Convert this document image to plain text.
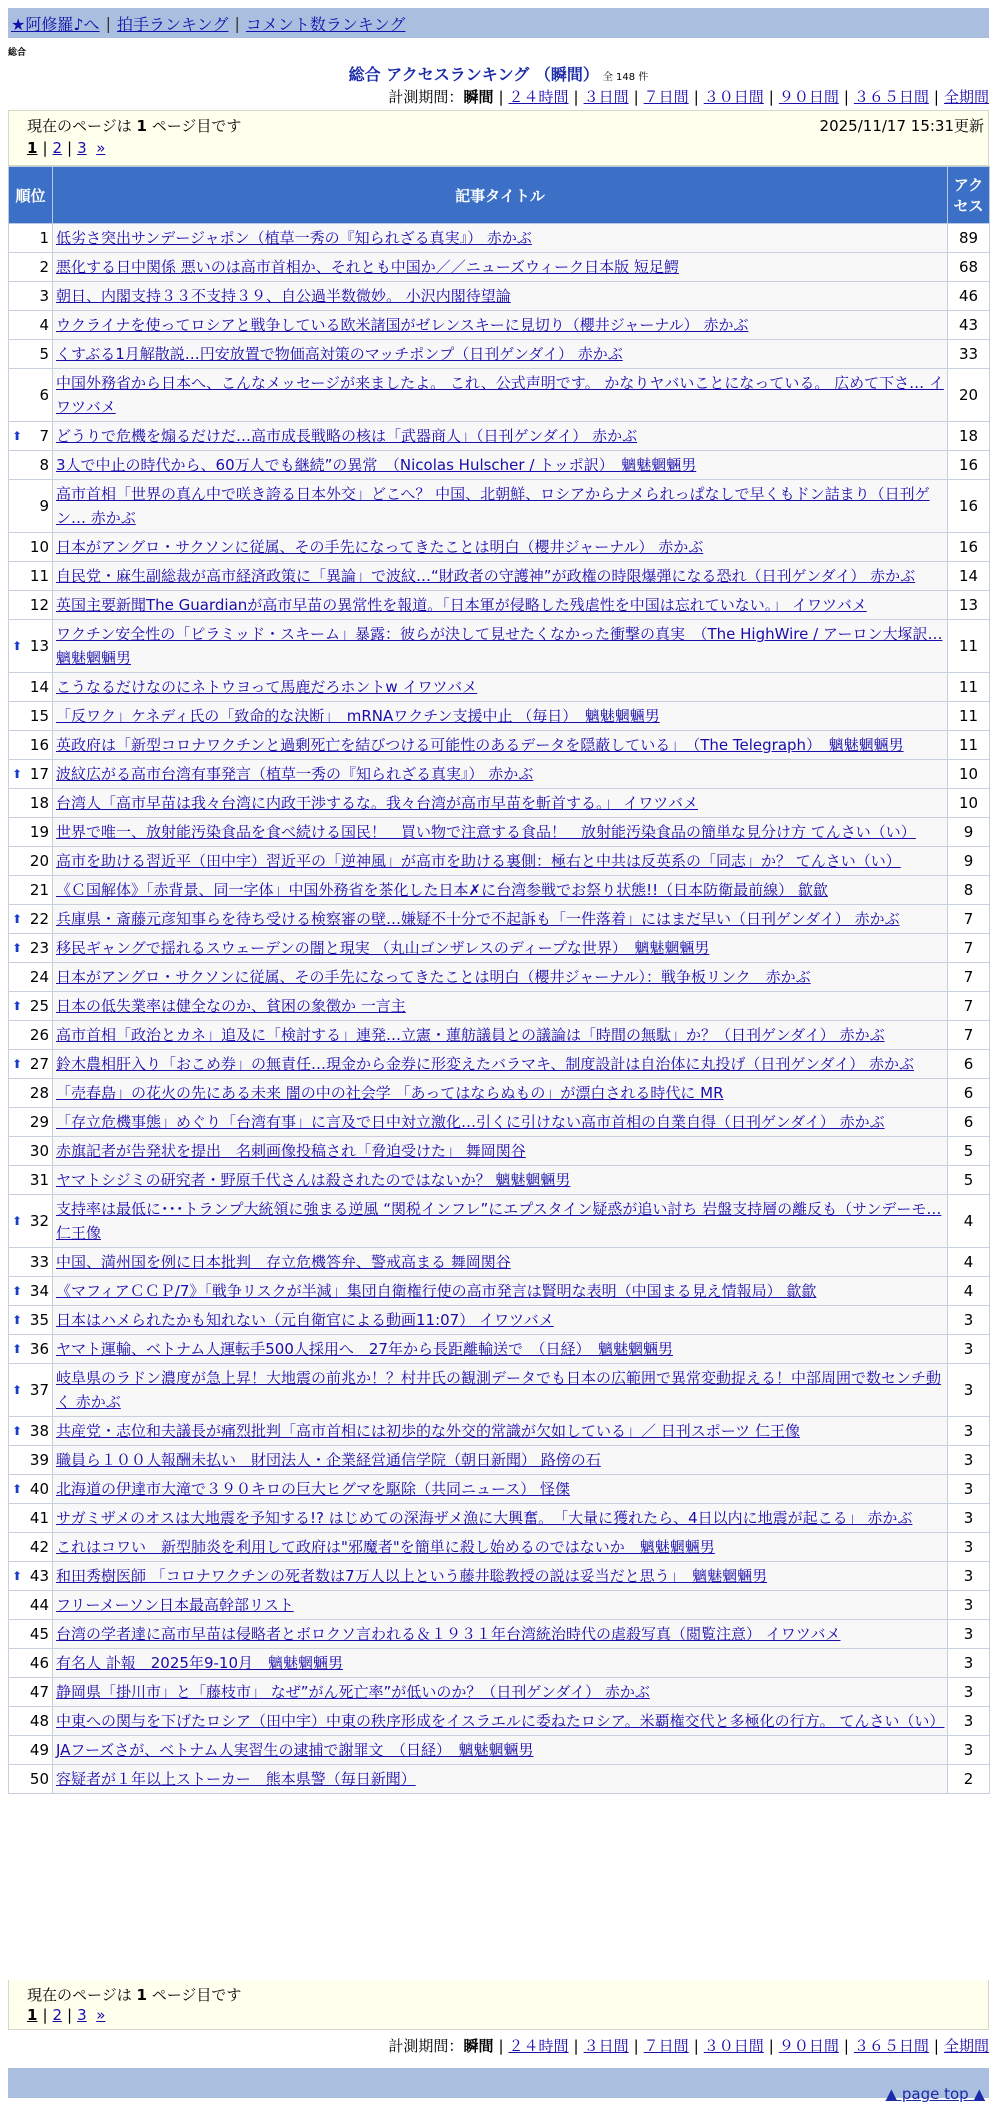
★阿修羅♪へ | 拍手ランキング | コメント数ランキング
総合
総合 アクセスランキング （瞬間） 全 148 件
計測期間：瞬間 | ２４時間 | ３日間 | ７日間 | ３０日間 | ９０日間 | ３６５日間 | 全期間
現在のページは 1 ページ目です	2025/11/17 15:31更新
1 | 2 | 3 »
順位	記事タイトル	アクセス
1	低劣さ突出サンデージャポン（植草一秀の『知られざる真実』） 赤かぶ	89
2	悪化する日中関係 悪いのは高市首相か、それとも中国か／／ニューズウィーク日本版 短足鰐	68
3	朝日、内閣支持３３不支持３９、自公過半数微妙。 小沢内閣待望論	46
4	ウクライナを使ってロシアと戦争している欧米諸国がゼレンスキーに見切り（櫻井ジャーナル） 赤かぶ	43
5	くすぶる1月解散説…円安放置で物価高対策のマッチポンプ（日刊ゲンダイ） 赤かぶ	33
6	中国外務省から日本へ、こんなメッセージが来ましたよ。 これ、公式声明です。 かなりヤバいことになっている。 広めて下さ… イワツバメ	20

⬆ 7	どうりで危機を煽るだけだ…高市成長戦略の核は「武器商人」（日刊ゲンダイ） 赤かぶ	18
8	3人で中止の時代から、60万人でも継続”の異常　（Nicolas Hulscher / トッポ訳）　魑魅魍魎男	16
9	高市首相「世界の真ん中で咲き誇る日本外交」どこへ？ 中国、北朝鮮、ロシアからナメられっぱなしで早くもドン詰まり（日刊ゲン… 赤かぶ	16
10	日本がアングロ・サクソンに従属、その手先になってきたことは明白（櫻井ジャーナル） 赤かぶ	16
11	自民党・麻生副総裁が高市経済政策に「異論」で波紋…“財政者の守護神”が政権の時限爆弾になる恐れ（日刊ゲンダイ） 赤かぶ	14
12	英国主要新聞The Guardianが高市早苗の異常性を報道。「日本軍が侵略した残虐性を中国は忘れていない。」 イワツバメ	13

⬆ 13	ワクチン安全性の「ピラミッド・スキーム」暴露：彼らが決して見せたくなかった衝撃の真実　（The HighWire / アーロン大塚訳… 魑魅魍魎男	11
14	こうなるだけなのにネトウヨって馬鹿だろホントw イワツバメ	11
15	「反ワク」ケネディ氏の「致命的な決断」　mRNAワクチン支援中止 （毎日）　魑魅魍魎男	11
16	英政府は「新型コロナワクチンと過剰死亡を結びつける可能性のあるデータを隠蔽している」　（The Telegraph）　魑魅魍魎男	11

⬆ 17	波紋広がる高市台湾有事発言（植草一秀の『知られざる真実』） 赤かぶ	10
18	台湾人「高市早苗は我々台湾に内政干渉するな。我々台湾が高市早苗を斬首する。」 イワツバメ	10
19	世界で唯一、放射能汚染食品を食べ続ける国民！　買い物で注意する食品！　放射能汚染食品の簡単な見分け方 てんさい（い）	9
20	高市を助ける習近平（田中宇）習近平の「逆神風」が高市を助ける裏側：極右と中共は反英系の「同志」か？ てんさい（い）	9
21	《Ｃ国解体》「赤背景、同一字体」中国外務省を茶化した日本✗に台湾参戦でお祭り状態!!（日本防衛最前線） 歙歙	8

⬆ 22	兵庫県・斎藤元彦知事らを待ち受ける検察審の壁…嫌疑不十分で不起訴も「一件落着」にはまだ早い（日刊ゲンダイ） 赤かぶ	7

⬆ 23	移民ギャングで揺れるスウェーデンの闇と現実 （丸山ゴンザレスのディープな世界）　魑魅魍魎男	7
24	日本がアングロ・サクソンに従属、その手先になってきたことは明白（櫻井ジャーナル）：戦争板リンク　赤かぶ	7

⬆ 25	日本の低失業率は健全なのか、貧困の象徴か 一言主	7
26	高市首相「政治とカネ」追及に「検討する」連発…立憲・蓮舫議員との議論は「時間の無駄」か？（日刊ゲンダイ） 赤かぶ	7

⬆ 27	鈴木農相肝入り「おこめ券」の無責任…現金から金券に形変えたバラマキ、制度設計は自治体に丸投げ（日刊ゲンダイ） 赤かぶ	6
28	「売春島」の花火の先にある未来 闇の中の社会学 「あってはならぬもの」が漂白される時代に MR	6
29	「存立危機事態」めぐり「台湾有事」に言及で日中対立激化…引くに引けない高市首相の自業自得（日刊ゲンダイ） 赤かぶ	6
30	赤旗記者が告発状を提出　名刺画像投稿され「脅迫受けた」 舞岡関谷	5
31	ヤマトシジミの研究者・野原千代さんは殺されたのではないか？ 魑魅魍魎男	5

⬆ 32	支持率は最低に･･･トランプ大統領に強まる逆風 “関税インフレ”にエプスタイン疑惑が追い討ち 岩盤支持層の離反も（サンデーモ… 仁王像	4
33	中国、満州国を例に日本批判　存立危機答弁、警戒高まる 舞岡関谷	4

⬆ 34	《マフィアＣＣＰ/7》「戦争リスクが半減」集団自衛権行使の高市発言は賢明な表明（中国まる見え情報局） 歙歙	4

⬆ 35	日本はハメられたかも知れない（元自衛官による動画11:07） イワツバメ	3

⬆ 36	ヤマト運輸、ベトナム人運転手500人採用へ　27年から長距離輸送で　（日経）　魑魅魍魎男	3

⬆ 37	岐阜県のラドン濃度が急上昇！大地震の前兆か！？村井氏の観測データでも日本の広範囲で異常変動捉える！中部周囲で数センチ動く 赤かぶ	3

⬆ 38	共産党・志位和夫議長が痛烈批判「高市首相には初歩的な外交的常識が欠如している」／ 日刊スポーツ 仁王像	3
39	職員ら１００人報酬未払い　財団法人・企業経営通信学院（朝日新聞） 路傍の石	3

⬆ 40	北海道の伊達市大滝で３９０キロの巨大ヒグマを駆除（共同ニュース） 怪傑	3
41	サガミザメのオスは大地震を予知する!? はじめての深海ザメ漁に大興奮。　「大量に獲れたら、4日以内に地震が起こる」 赤かぶ	3
42	これはコワい　新型肺炎を利用して政府は"邪魔者"を簡単に殺し始めるのではないか　魑魅魍魎男	3

⬆ 43	和田秀樹医師 「コロナワクチンの死者数は7万人以上という藤井聡教授の説は妥当だと思う」　魑魅魍魎男	3
44	フリーメーソン日本最高幹部リスト	3
45	台湾の学者達に高市早苗は侵略者とボロクソ言われる＆１９３１年台湾統治時代の虐殺写真（閲覧注意） イワツバメ	3
46	有名人 訃報　2025年9-10月　魑魅魍魎男	3
47	静岡県「掛川市」と「藤枝市」 なぜ”がん死亡率”が低いのか？（日刊ゲンダイ） 赤かぶ	3
48	中東への関与を下げたロシア（田中宇）中東の秩序形成をイスラエルに委ねたロシア。米覇権交代と多極化の行方。 てんさい（い）	3
49	JAフーズさが、ベトナム人実習生の逮捕で謝罪文　（日経）　魑魅魍魎男	3
50	容疑者が１年以上ストーカー　熊本県警（毎日新聞）	2
現在のページは 1 ページ目です
1 | 2 | 3 »
計測期間：瞬間 | ２４時間 | ３日間 | ７日間 | ３０日間 | ９０日間 | ３６５日間 | 全期間
▲ page top ▲
